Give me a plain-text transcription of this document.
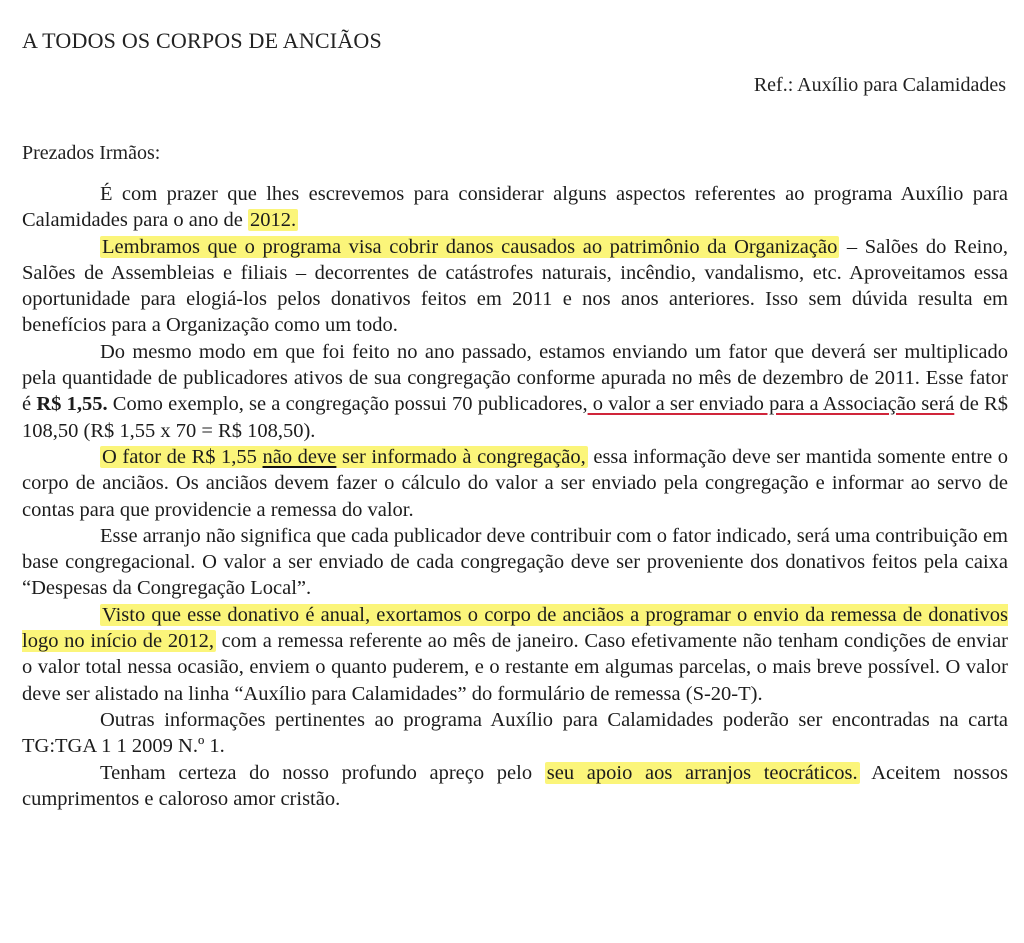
A TODOS OS CORPOS DE ANCIÃOS
Ref.: Auxílio para Calamidades
Prezados Irmãos:

É com prazer que lhes escrevemos para considerar alguns aspectos referentes ao programa Auxílio para Calamidades para o ano de 2012.

Lembramos que o programa visa cobrir danos causados ao patrimônio da Organização – Salões do Reino, Salões de Assembleias e filiais – decorrentes de catástrofes naturais, incêndio, vandalismo, etc. Aproveitamos essa oportunidade para elogiá-los pelos donativos feitos em 2011 e nos anos anteriores. Isso sem dúvida resulta em benefícios para a Organização como um todo.

Do mesmo modo em que foi feito no ano passado, estamos enviando um fator que deverá ser multiplicado pela quantidade de publicadores ativos de sua congregação conforme apurada no mês de dezembro de 2011. Esse fator é R$ 1,55. Como exemplo, se a congregação possui 70 publicadores, o valor a ser enviado para a Associação será de R$ 108,50 (R$ 1,55 x 70 = R$ 108,50).

O fator de R$ 1,55 não deve ser informado à congregação, essa informação deve ser mantida somente entre o corpo de anciãos. Os anciãos devem fazer o cálculo do valor a ser enviado pela congregação e informar ao servo de contas para que providencie a remessa do valor.

Esse arranjo não significa que cada publicador deve contribuir com o fator indicado, será uma contribuição em base congregacional. O valor a ser enviado de cada congregação deve ser proveniente dos donativos feitos pela caixa “Despesas da Congregação Local”.

Visto que esse donativo é anual, exortamos o corpo de anciãos a programar o envio da remessa de donativos logo no início de 2012, com a remessa referente ao mês de janeiro. Caso efetivamente não tenham condições de enviar o valor total nessa ocasião, enviem o quanto puderem, e o restante em algumas parcelas, o mais breve possível. O valor deve ser alistado na linha “Auxílio para Calamidades” do formulário de remessa (S-20-T).

Outras informações pertinentes ao programa Auxílio para Calamidades poderão ser encontradas na carta TG:TGA 1 1 2009 N.º 1.

Tenham certeza do nosso profundo apreço pelo seu apoio aos arranjos teocráticos. Aceitem nossos cumprimentos e caloroso amor cristão.
